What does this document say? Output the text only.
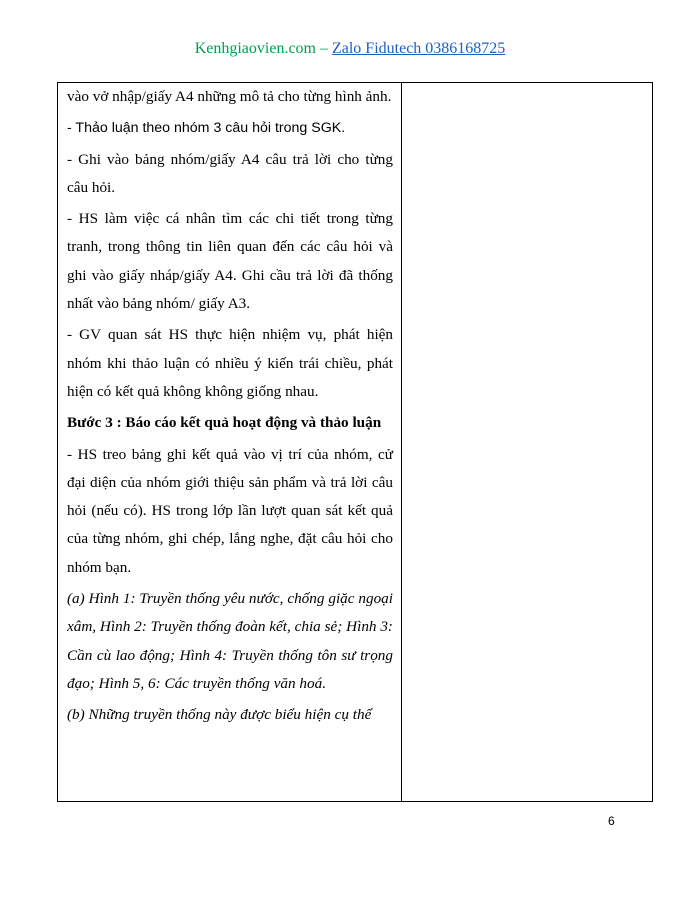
Kenhgiaovien.com – Zalo Fidutech 0386168725

vào vở nhập/giấy A4 những mô tả cho từng hình ảnh.

- Thảo luận theo nhóm 3 câu hỏi trong SGK.

- Ghi vào bảng nhóm/giấy A4 câu trả lời cho từng câu hỏi.

- HS làm việc cá nhân tìm các chi tiết trong từng tranh, trong thông tin liên quan đến các câu hỏi và ghi vào giấy nháp/giấy A4. Ghi cầu trả lời đã thống nhất vào bảng nhóm/ giấy A3.

- GV quan sát HS thực hiện nhiệm vụ, phát hiện nhóm khi thảo luận có nhiều ý kiến trái chiều, phát hiện có kết quả không không giống nhau.

Bước 3 : Báo cáo kết quả hoạt động và thảo luận

- HS treo bảng ghi kết quả vào vị trí của nhóm, cử đại diện của nhóm giới thiệu sản phẩm và trả lời câu hỏi (nếu có). HS trong lớp lần lượt quan sát kết quả của từng nhóm, ghi chép, lắng nghe, đặt câu hỏi cho nhóm bạn.

(a) Hình 1: Truyền thống yêu nước, chống giặc ngoại xâm, Hình 2: Truyền thống đoàn kết, chia sẻ; Hình 3: Cần cù lao động; Hình 4: Truyền thống tôn sư trọng đạo; Hình 5, 6: Các truyền thống văn hoá.

(b) Những truyền thống này được biểu hiện cụ thể

6
